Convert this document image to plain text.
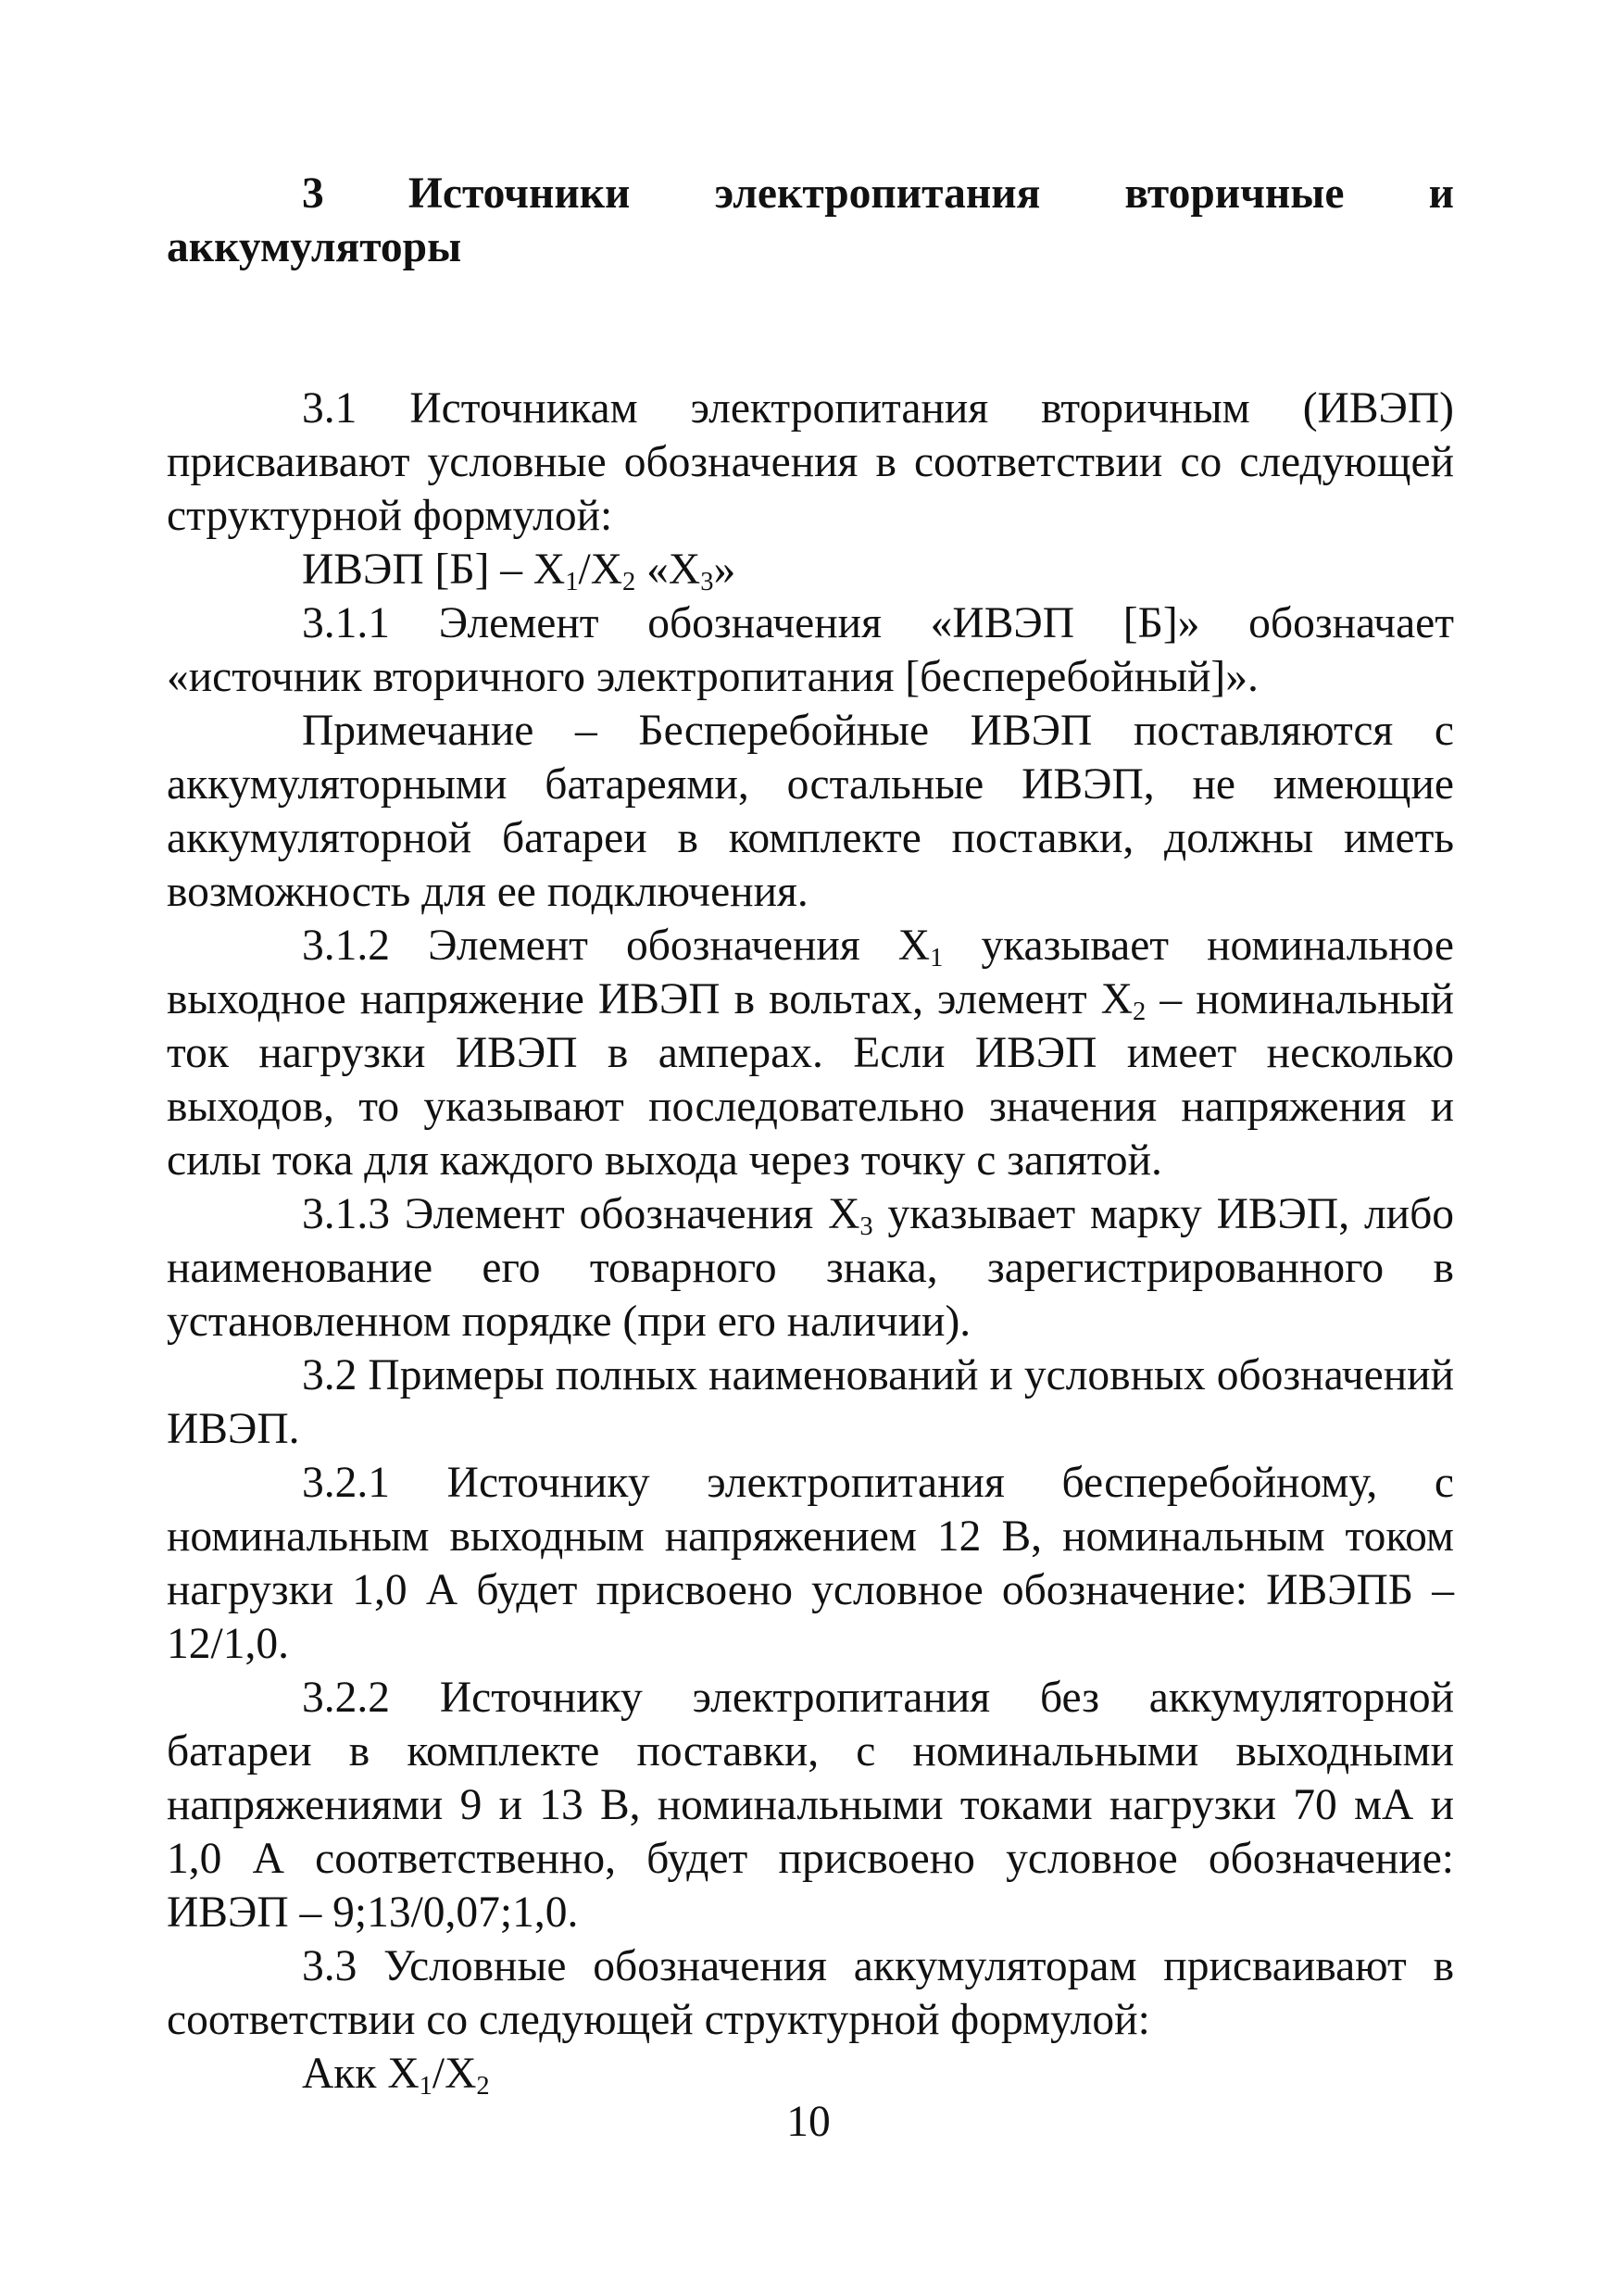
3 Источники электропитания вторичные и аккумуляторы

3.1 Источникам электропитания вторичным (ИВЭП) присваивают условные обозначения в соответствии со следующей структурной формулой:

ИВЭП $[Б] - X_1/X_2$ «$X_3$»

3.1.1 Элемент обозначения «ИВЭП [Б]» обозначает «источник вторичного электропитания [бесперебойный]».

Примечание – Бесперебойные ИВЭП поставляются с аккумуляторными батареями, остальные ИВЭП, не имеющие аккумуляторной батареи в комплекте поставки, должны иметь возможность для ее подключения.

3.1.2 Элемент обозначения $X_1$ указывает номинальное выходное напряжение ИВЭП в вольтах, элемент $X_2$ – номинальный ток нагрузки ИВЭП в амперах. Если ИВЭП имеет несколько выходов, то указывают последовательно значения напряжения и силы тока для каждого выхода через точку с запятой.

3.1.3 Элемент обозначения $X_3$ указывает марку ИВЭП, либо наименование его товарного знака, зарегистрированного в установленном порядке (при его наличии).

3.2 Примеры полных наименований и условных обозначений ИВЭП.

3.2.1 Источнику электропитания бесперебойному, с номинальным выходным напряжением 12 В, номинальным током нагрузки 1,0 А будет присвоено условное обозначение: ИВЭПБ –12/1,0.

3.2.2 Источнику электропитания без аккумуляторной батареи в комплекте поставки, с номинальными выходными напряжениями 9 и 13 В, номинальными токами нагрузки 70 мА и 1,0 А соответственно, будет присвоено условное обозначение: ИВЭП – 9;13/0,07;1,0.

3.3 Условные обозначения аккумуляторам присваивают в соответствии со следующей структурной формулой:

Акк $X_1/X_2$

10
